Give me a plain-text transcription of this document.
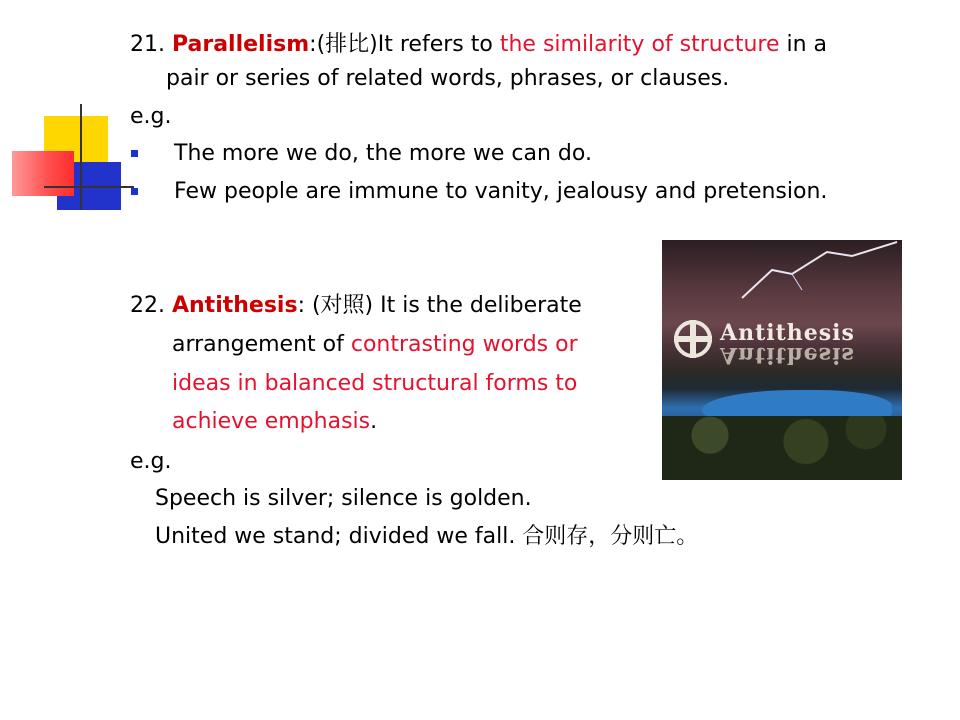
21. Parallelism:(排比)It refers to the similarity of structure in a
pair or series of related words, phrases, or clauses.
e.g.
The more we do, the more we can do.
Few people are immune to vanity, jealousy and pretension.
22. Antithesis: (对照) It is the deliberate
arrangement of contrasting words or
ideas in balanced structural forms to
achieve emphasis.
e.g.
Speech is silver; silence is golden.
United we stand; divided we fall. 合则存，分则亡。
Antithesis
Antithesis
